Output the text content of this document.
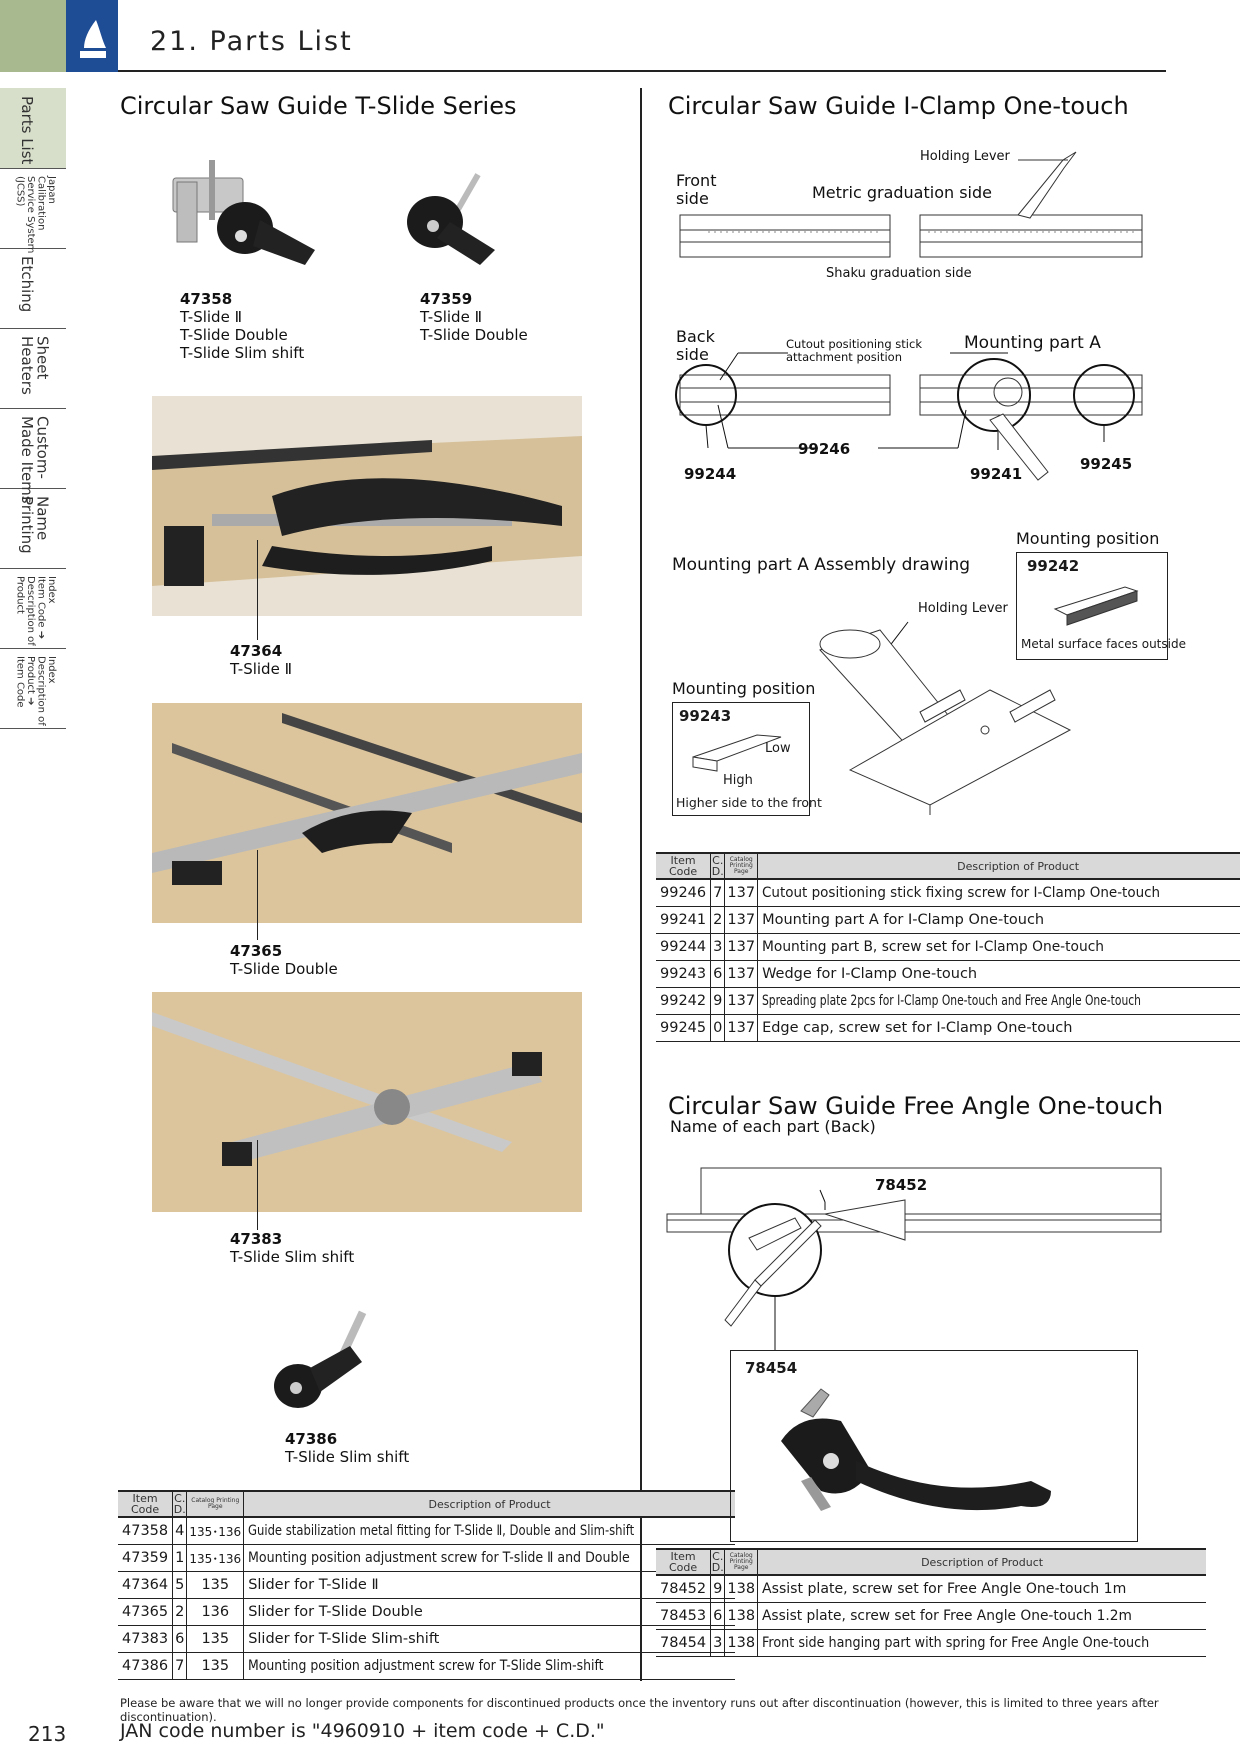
21. Parts List
Parts List
Japan
Calibration
Service System
(JCSS)
Etching
Sheet
Heaters
Custom-
Made Items
Name
Printing
Index
Item Code ➔
Description of
Product
Index
Description of
Product ➔
Item Code
Circular Saw Guide T-Slide Series
47358
T-Slide Ⅱ
T-Slide Double
T-Slide Slim shift
47359
T-Slide Ⅱ
T-Slide Double
47364
T-Slide Ⅱ
47365
T-Slide Double
47383
T-Slide Slim shift
47386
T-Slide Slim shift
Item Code	C. D.	Catalog Printing Page	Description of Product
47358	4	135･136	Guide stabilization metal fitting for T-Slide Ⅱ, Double and Slim-shift
47359	1	135･136	Mounting position adjustment screw for T-slide Ⅱ and Double
47364	5	135	Slider for T-Slide Ⅱ
47365	2	136	Slider for T-Slide Double
47383	6	135	Slider for T-Slide Slim-shift
47386	7	135	Mounting position adjustment screw for T-Slide Slim-shift
Circular Saw Guide I-Clamp One-touch
Holding Lever
Front
side	Metric graduation side
Shaku graduation side
Back
side
Cutout positioning stick
attachment position
Mounting part A
99246
99244	99241
99245
Mounting part A Assembly drawing
Mounting position
99242
Metal surface faces outside
Holding Lever
Mounting position
99243
Low
High
Higher side to the front
Item Code	C. D.	Catalog Printing Page	Description of Product
99246	7	137	Cutout positioning stick fixing screw for I-Clamp One-touch
99241	2	137	Mounting part A for I-Clamp One-touch
99244	3	137	Mounting part B, screw set for I-Clamp One-touch
99243	6	137	Wedge for I-Clamp One-touch
99242	9	137	Spreading plate 2pcs for I-Clamp One-touch and Free Angle One-touch
99245	0	137	Edge cap, screw set for I-Clamp One-touch
Circular Saw Guide Free Angle One-touch
Name of each part (Back)
78452
78454
Item Code	C. D.	Catalog Printing Page	Description of Product
78452	9	138	Assist plate, screw set for Free Angle One-touch 1m
78453	6	138	Assist plate, screw set for Free Angle One-touch 1.2m
78454	3	138	Front side hanging part with spring for Free Angle One-touch
Please be aware that we will no longer provide components for discontinued products once the inventory runs out after discontinuation (however, this is limited to three years after discontinuation).
JAN code number is "4960910 + item code + C.D."
213
